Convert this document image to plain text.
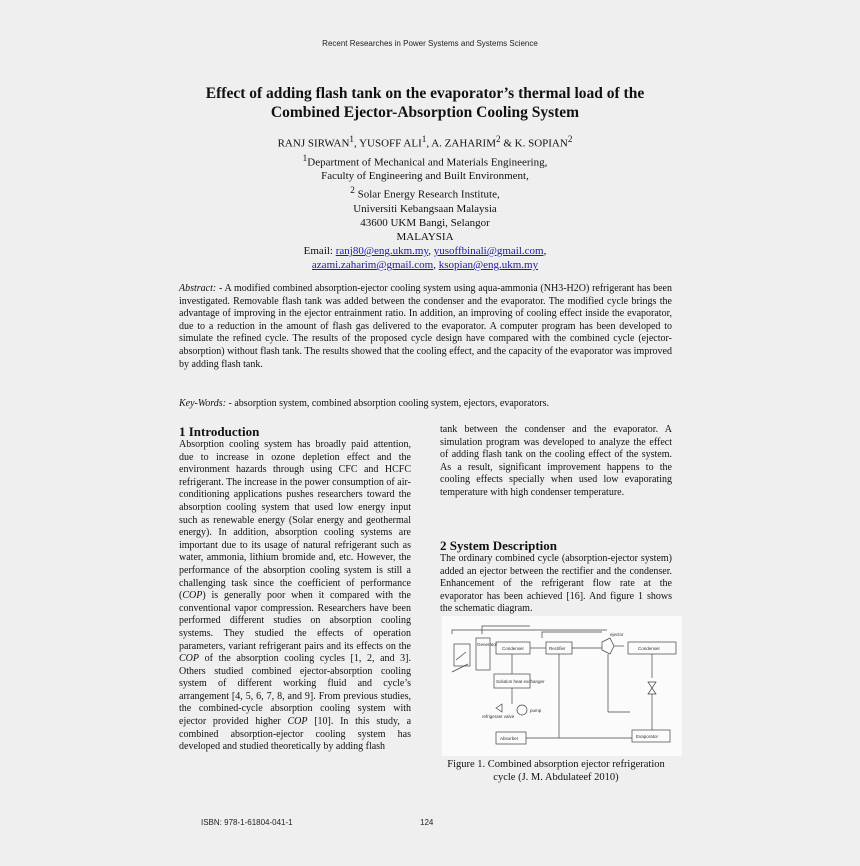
Recent Researches in Power Systems and Systems Science
Effect of adding flash tank on the evaporator’s thermal load of the
Combined Ejector-Absorption Cooling System
RANJ SIRWAN$^1$, YUSOFF ALI$^1$, A. ZAHARIM$^2$ & K. SOPIAN$^2$
$^1$Department of Mechanical and Materials Engineering,
Faculty of Engineering and Built Environment,
$^2$ Solar Energy Research Institute,
Universiti Kebangsaan Malaysia
43600 UKM Bangi, Selangor
MALAYSIA
Email: ranj80@eng.ukm.my, yusoffbinali@gmail.com,
azami.zaharim@gmail.com, ksopian@eng.ukm.my

Abstract: - A modified combined absorption-ejector cooling system using aqua-ammonia (NH3-H2O) refrigerant has been investigated. Removable flash tank was added between the condenser and the evaporator. The modified cycle brings the advantage of improving in the ejector entrainment ratio. In addition, an improving of cooling effect inside the evaporator, due to a reduction in the amount of flash gas delivered to the evaporator. A computer program has been developed to simulate the refined cycle. The results of the proposed cycle design have compared with the combined cycle (ejector-absorption) without flash tank. The results showed that the cooling effect, and the capacity of the evaporator was improved by adding flash tank.

Key-Words: - absorption system, combined absorption cooling system, ejectors, evaporators.

1 Introduction

Absorption cooling system has broadly paid attention, due to increase in ozone depletion effect and the environment hazards through using CFC and HCFC refrigerant. The increase in the power consumption of air-conditioning applications pushes researchers toward the absorption cooling system that used low energy input such as renewable energy (Solar energy and geothermal energy). In addition, absorption cooling systems are important due to its usage of natural refrigerant such as water, ammonia, lithium bromide and, etc. However, the performance of the absorption cooling system is still a challenging task since the coefficient of performance (COP) is generally poor when it compared with the conventional vapor compression. Researchers have been performed different studies on absorption cooling systems. They studied the effects of operation parameters, variant refrigerant pairs and its effects on the COP of the absorption cooling cycles [1, 2, and 3]. Others studied combined ejector-absorption cooling system of different working fluid and cycle’s arrangement [4, 5, 6, 7, 8, and 9]. From previous studies, the combined-cycle absorption cooling system with ejector provided higher COP [10]. In this study, a combined absorption-ejector cooling system has developed and studied theoretically by adding flash

tank between the condenser and the evaporator. A simulation program was developed to analyze the effect of adding flash tank on the cooling effect of the system. As a result, significant improvement happens to the cooling effects specially when used low evaporating temperature with high condenser temperature.

2 System Description

The ordinary combined cycle (absorption-ejector system) added an ejector between the rectifier and the condenser. Enhancement of the refrigerant flow rate at the evaporator has been achieved [16]. And figure 1 shows the schematic diagram.

ejector
Generator
Condenser	Rectifier	Condenser
Solution heat exchanger
refrigerant valve
pump
Absorber	Evaporator
Figure 1. Combined absorption ejector refrigeration
cycle (J. M. Abdulateef 2010)
ISBN: 978-1-61804-041-1	124
